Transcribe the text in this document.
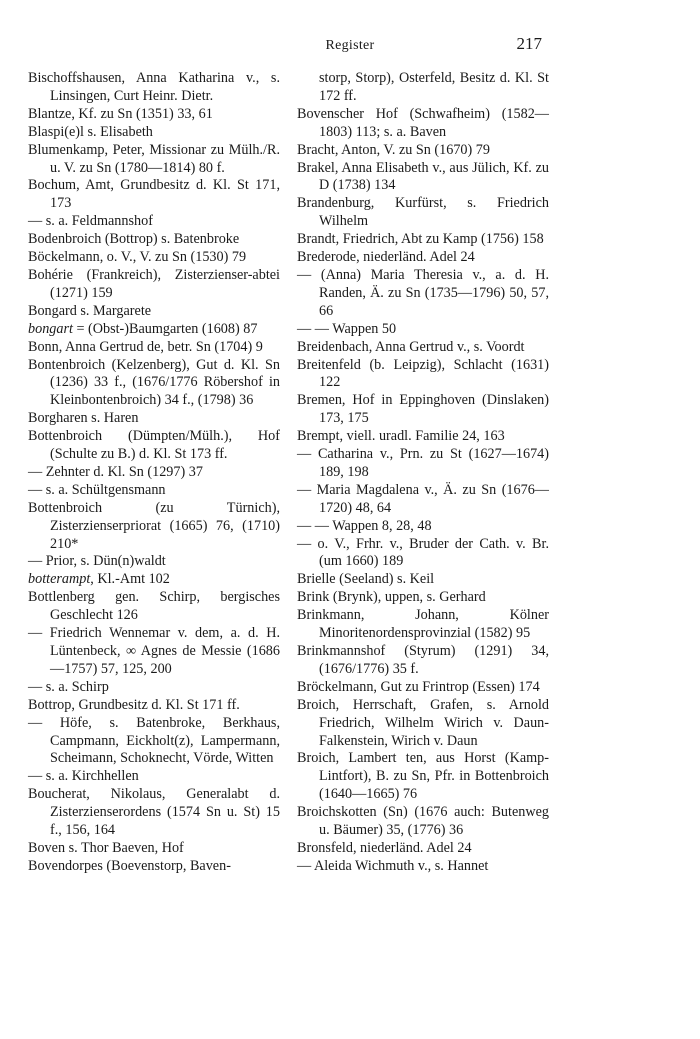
Register	217

Bischoffshausen, Anna Katharina v., s. Linsingen, Curt Heinr. Dietr.

Blantze, Kf. zu Sn (1351) 33, 61

Blaspi(e)l s. Elisabeth

Blumenkamp, Peter, Missionar zu Mülh./R. u. V. zu Sn (1780—1814) 80 f.

Bochum, Amt, Grundbesitz d. Kl. St 171, 173

— s. a. Feldmannshof

Bodenbroich (Bottrop) s. Batenbroke

Böckelmann, o. V., V. zu Sn (1530) 79

Bohérie (Frankreich), Zisterzienser-abtei (1271) 159

Bongard s. Margarete

bongart = (Obst-)Baumgarten (1608) 87

Bonn, Anna Gertrud de, betr. Sn (1704) 9

Bontenbroich (Kelzenberg), Gut d. Kl. Sn (1236) 33 f., (1676/1776 Röbershof in Kleinbontenbroich) 34 f., (1798) 36

Borgharen s. Haren

Bottenbroich (Dümpten/Mülh.), Hof (Schulte zu B.) d. Kl. St 173 ff.

— Zehnter d. Kl. Sn (1297) 37

— s. a. Schültgensmann

Bottenbroich (zu Türnich), Zisterzienserpriorat (1665) 76, (1710) 210*

— Prior, s. Dün(n)waldt

botterampt, Kl.-Amt 102

Bottlenberg gen. Schirp, bergisches Geschlecht 126

— Friedrich Wennemar v. dem, a. d. H. Lüntenbeck, ∞ Agnes de Messie (1686—1757) 57, 125, 200

— s. a. Schirp

Bottrop, Grundbesitz d. Kl. St 171 ff.

— Höfe, s. Batenbroke, Berkhaus, Campmann, Eickholt(z), Lampermann, Scheimann, Schoknecht, Vörde, Witten

— s. a. Kirchhellen

Boucherat, Nikolaus, Generalabt d. Zisterzienserordens (1574 Sn u. St) 15 f., 156, 164

Boven s. Thor Baeven, Hof

Bovendorpes (Boevenstorp, Baven-

storp, Storp), Osterfeld, Besitz d. Kl. St 172 ff.

Bovenscher Hof (Schwafheim) (1582—1803) 113; s. a. Baven

Bracht, Anton, V. zu Sn (1670) 79

Brakel, Anna Elisabeth v., aus Jülich, Kf. zu D (1738) 134

Brandenburg, Kurfürst, s. Friedrich Wilhelm

Brandt, Friedrich, Abt zu Kamp (1756) 158

Brederode, niederländ. Adel 24

— (Anna) Maria Theresia v., a. d. H. Randen, Ä. zu Sn (1735—1796) 50, 57, 66

— — Wappen 50

Breidenbach, Anna Gertrud v., s. Voordt

Breitenfeld (b. Leipzig), Schlacht (1631) 122

Bremen, Hof in Eppinghoven (Dinslaken) 173, 175

Brempt, viell. uradl. Familie 24, 163

— Catharina v., Prn. zu St (1627—1674) 189, 198

— Maria Magdalena v., Ä. zu Sn (1676—1720) 48, 64

— — Wappen 8, 28, 48

— o. V., Frhr. v., Bruder der Cath. v. Br. (um 1660) 189

Brielle (Seeland) s. Keil

Brink (Brynk), uppen, s. Gerhard

Brinkmann, Johann, Kölner Minoritenordensprovinzial (1582) 95

Brinkmannshof (Styrum) (1291) 34, (1676/1776) 35 f.

Bröckelmann, Gut zu Frintrop (Essen) 174

Broich, Herrschaft, Grafen, s. Arnold Friedrich, Wilhelm Wirich v. Daun-Falkenstein, Wirich v. Daun

Broich, Lambert ten, aus Horst (Kamp-Lintfort), B. zu Sn, Pfr. in Bottenbroich (1640—1665) 76

Broichskotten (Sn) (1676 auch: Butenweg u. Bäumer) 35, (1776) 36

Bronsfeld, niederländ. Adel 24

— Aleida Wichmuth v., s. Hannet
